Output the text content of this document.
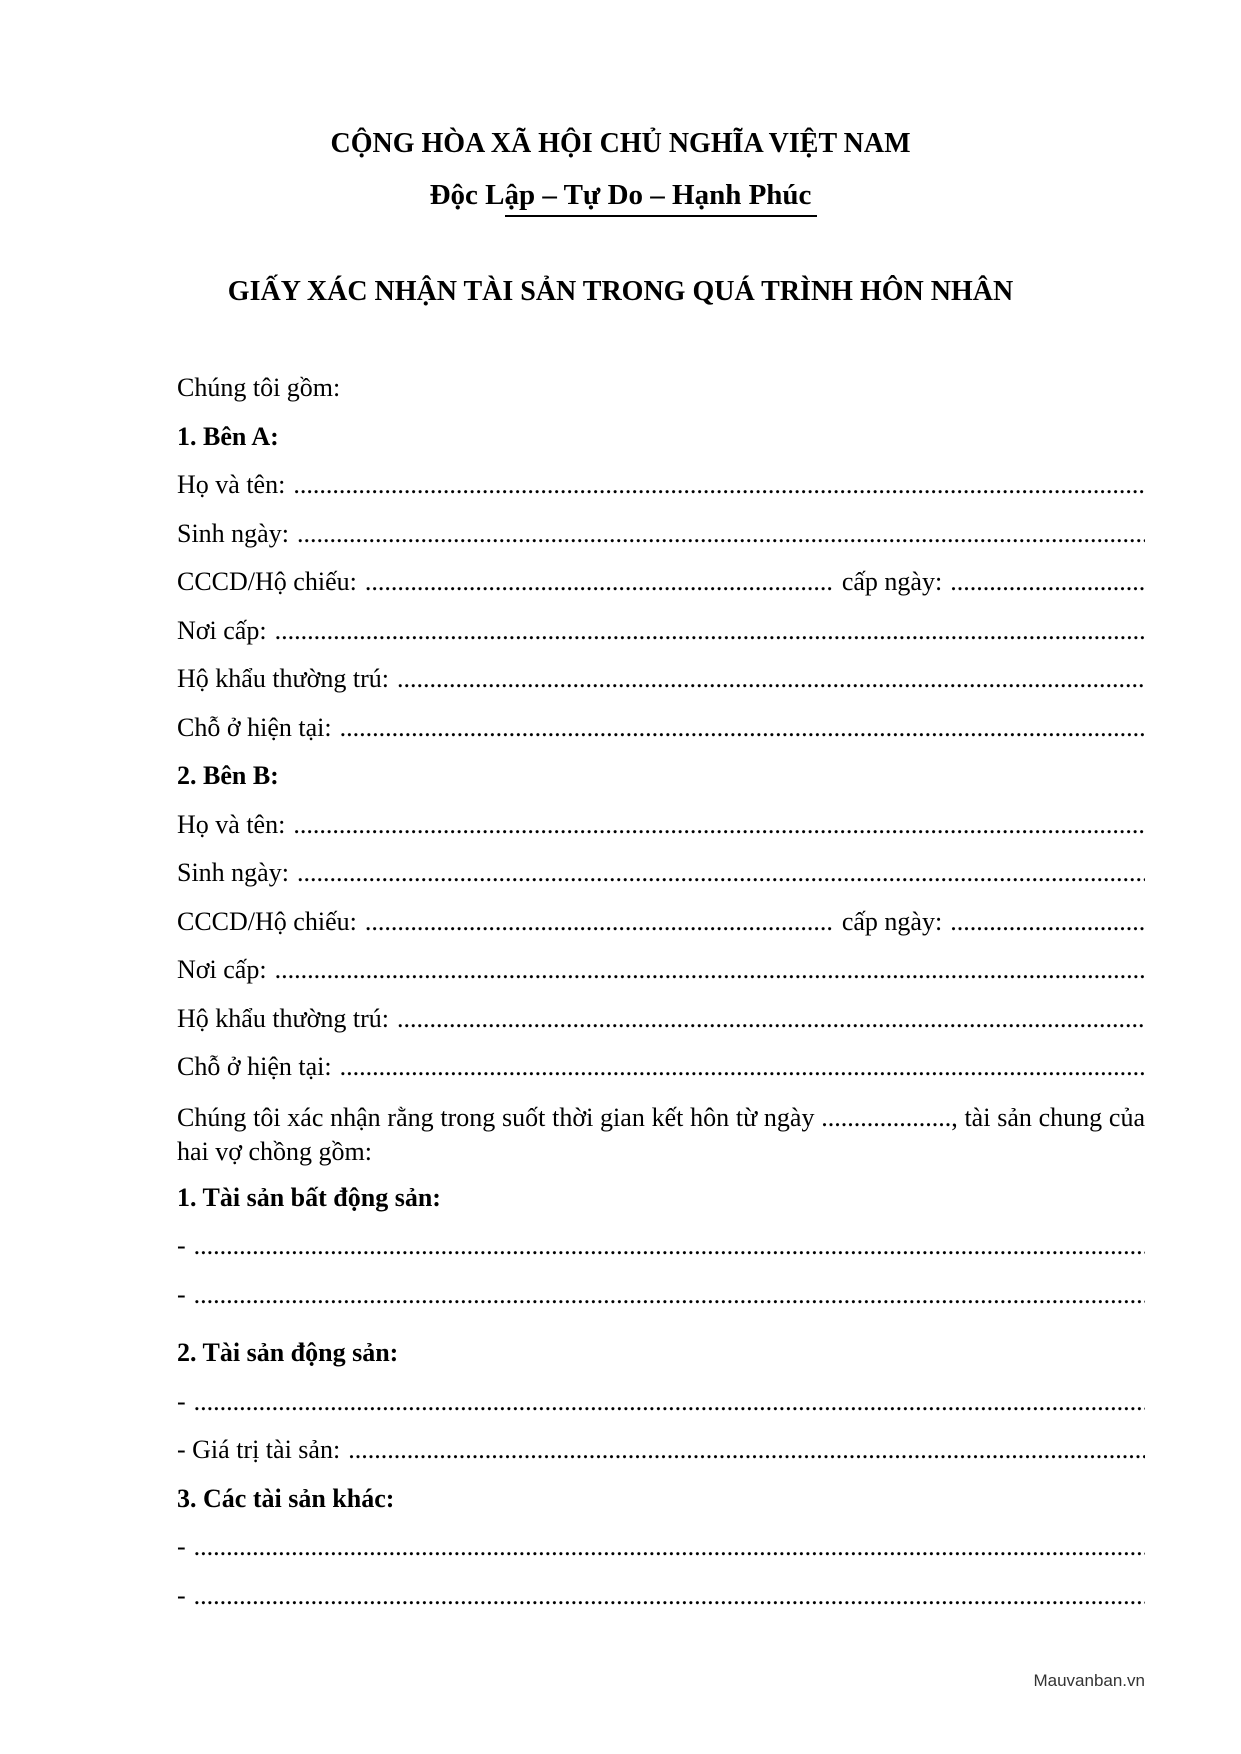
CỘNG HÒA XÃ HỘI CHỦ NGHĨA VIỆT NAM
Độc Lập – Tự Do – Hạnh Phúc
GIẤY XÁC NHẬN TÀI SẢN TRONG QUÁ TRÌNH HÔN NHÂN
Chúng tôi gồm:
1. Bên A:
Họ và tên:
.....
Sinh ngày:
.....
CCCD/Hộ chiếu: .....	cấp ngày:
.....
Nơi cấp:
.....
Hộ khẩu thường trú:
.....
Chỗ ở hiện tại:
.....
2. Bên B:
Họ và tên:
.....
Sinh ngày:
.....
CCCD/Hộ chiếu: .....	cấp ngày:
.....
Nơi cấp:
.....
Hộ khẩu thường trú:
.....
Chỗ ở hiện tại:
.....
Chúng tôi xác nhận rằng trong suốt thời gian kết hôn từ ngày ...................., tài sản chung của hai vợ chồng gồm:
1. Tài sản bất động sản:
-
.....
-
.....
2. Tài sản động sản:
-
.....
- Giá trị tài sản:
.....
3. Các tài sản khác:
-
.....
-
.....
Mauvanban.vn
